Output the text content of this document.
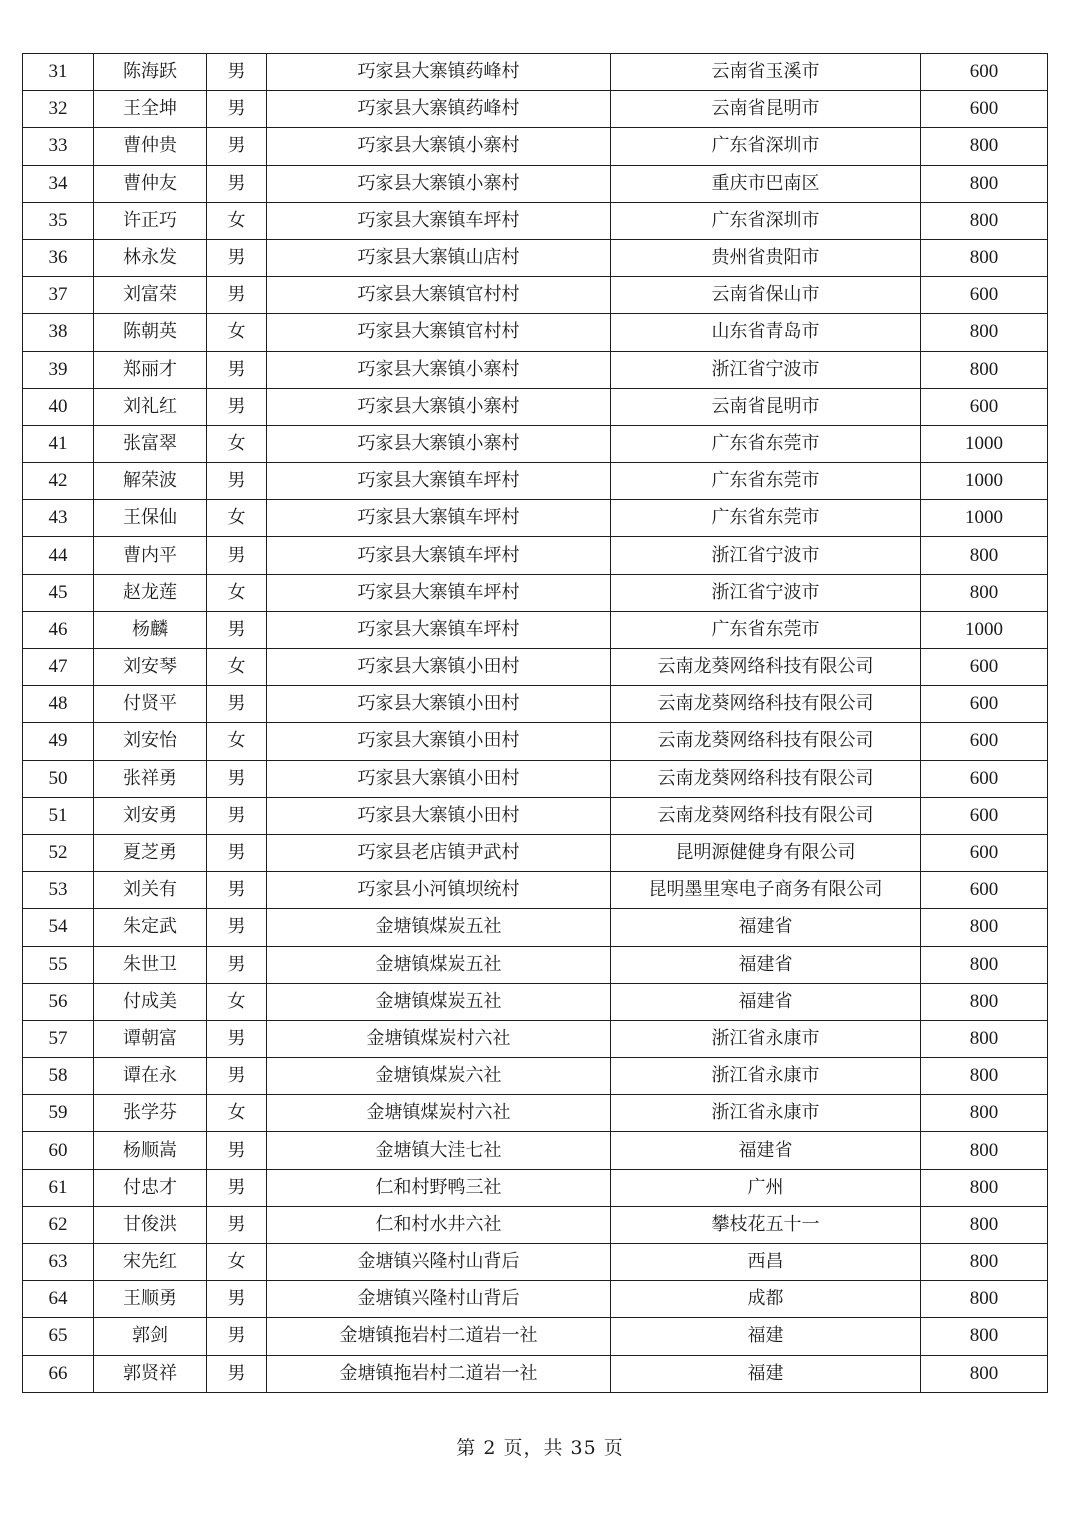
31	陈海跃	男	巧家县大寨镇药峰村	云南省玉溪市	600
32	王全坤	男	巧家县大寨镇药峰村	云南省昆明市	600
33	曹仲贵	男	巧家县大寨镇小寨村	广东省深圳市	800
34	曹仲友	男	巧家县大寨镇小寨村	重庆市巴南区	800
35	许正巧	女	巧家县大寨镇车坪村	广东省深圳市	800
36	林永发	男	巧家县大寨镇山店村	贵州省贵阳市	800
37	刘富荣	男	巧家县大寨镇官村村	云南省保山市	600
38	陈朝英	女	巧家县大寨镇官村村	山东省青岛市	800
39	郑丽才	男	巧家县大寨镇小寨村	浙江省宁波市	800
40	刘礼红	男	巧家县大寨镇小寨村	云南省昆明市	600
41	张富翠	女	巧家县大寨镇小寨村	广东省东莞市	1000
42	解荣波	男	巧家县大寨镇车坪村	广东省东莞市	1000
43	王保仙	女	巧家县大寨镇车坪村	广东省东莞市	1000
44	曹内平	男	巧家县大寨镇车坪村	浙江省宁波市	800
45	赵龙莲	女	巧家县大寨镇车坪村	浙江省宁波市	800
46	杨麟	男	巧家县大寨镇车坪村	广东省东莞市	1000
47	刘安琴	女	巧家县大寨镇小田村	云南龙葵网络科技有限公司	600
48	付贤平	男	巧家县大寨镇小田村	云南龙葵网络科技有限公司	600
49	刘安怡	女	巧家县大寨镇小田村	云南龙葵网络科技有限公司	600
50	张祥勇	男	巧家县大寨镇小田村	云南龙葵网络科技有限公司	600
51	刘安勇	男	巧家县大寨镇小田村	云南龙葵网络科技有限公司	600
52	夏芝勇	男	巧家县老店镇尹武村	昆明源健健身有限公司	600
53	刘关有	男	巧家县小河镇坝统村	昆明墨里寒电子商务有限公司	600
54	朱定武	男	金塘镇煤炭五社	福建省	800
55	朱世卫	男	金塘镇煤炭五社	福建省	800
56	付成美	女	金塘镇煤炭五社	福建省	800
57	谭朝富	男	金塘镇煤炭村六社	浙江省永康市	800
58	谭在永	男	金塘镇煤炭六社	浙江省永康市	800
59	张学芬	女	金塘镇煤炭村六社	浙江省永康市	800
60	杨顺嵩	男	金塘镇大洼七社	福建省	800
61	付忠才	男	仁和村野鸭三社	广州	800
62	甘俊洪	男	仁和村水井六社	攀枝花五十一	800
63	宋先红	女	金塘镇兴隆村山背后	西昌	800
64	王顺勇	男	金塘镇兴隆村山背后	成都	800
65	郭剑	男	金塘镇拖岩村二道岩一社	福建	800
66	郭贤祥	男	金塘镇拖岩村二道岩一社	福建	800
第 2 页，共 35 页
